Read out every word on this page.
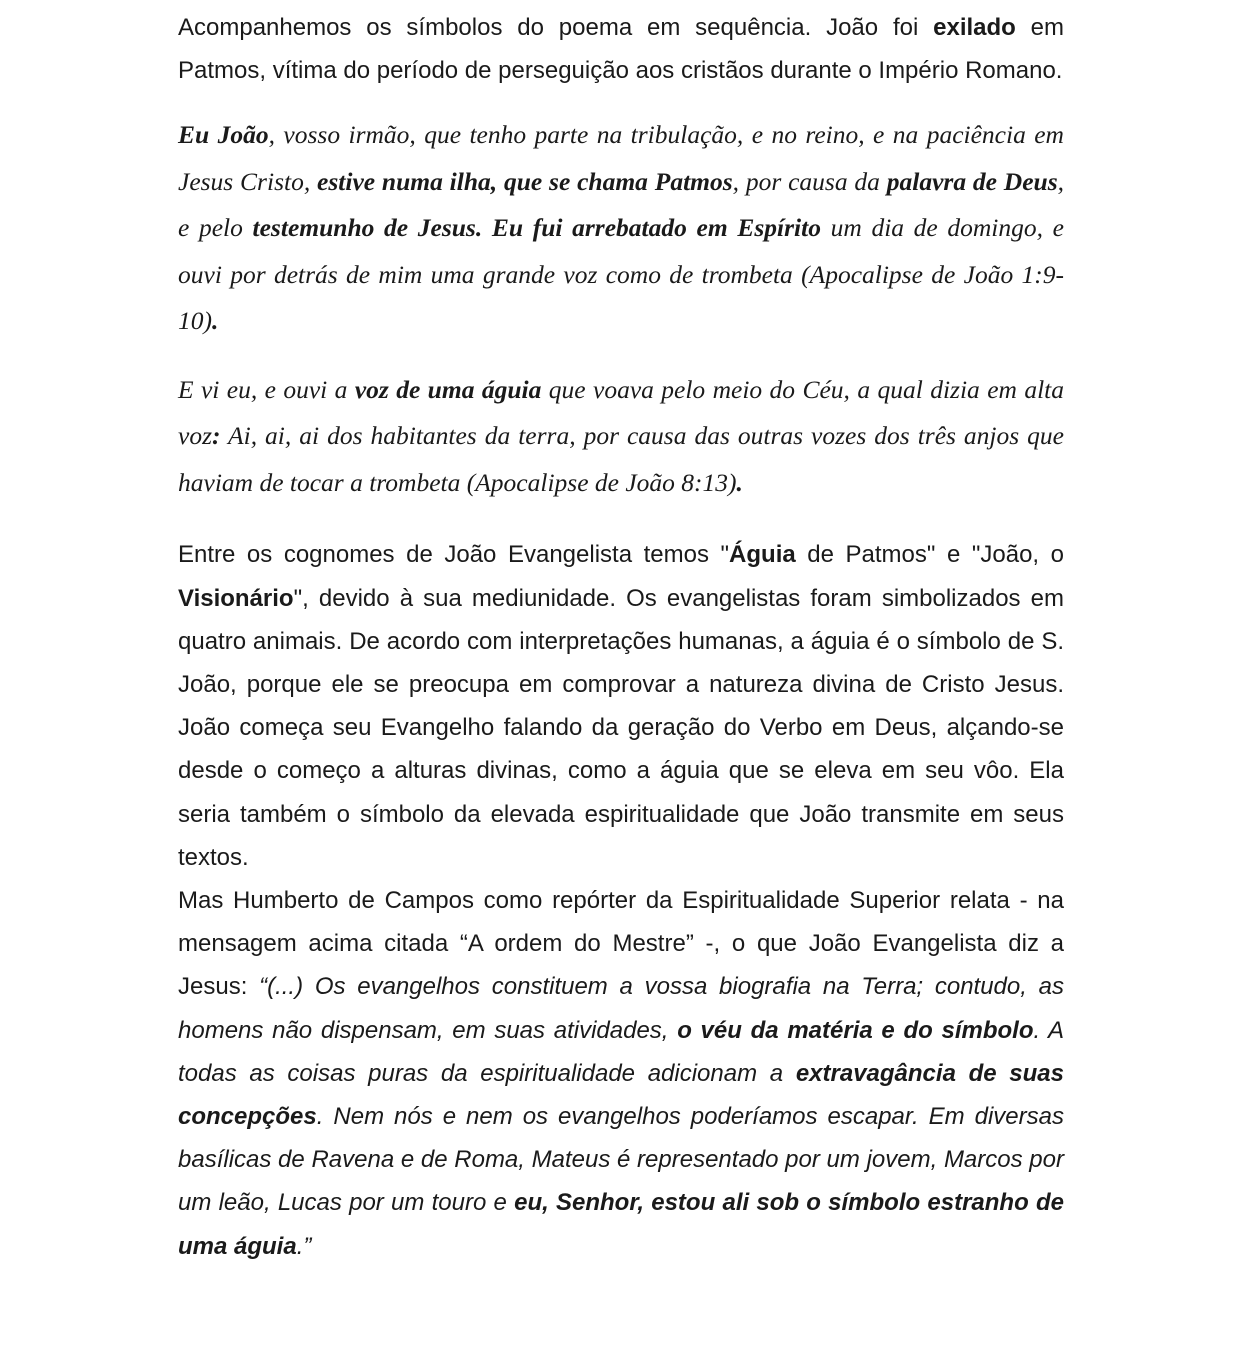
Acompanhemos os símbolos do poema em sequência. João foi exilado em Patmos, vítima do período de perseguição aos cristãos durante o Império Romano.

Eu João, vosso irmão, que tenho parte na tribulação, e no reino, e na paciência em Jesus Cristo, estive numa ilha, que se chama Patmos, por causa da palavra de Deus, e pelo testemunho de Jesus. Eu fui arrebatado em Espírito um dia de domingo, e ouvi por detrás de mim uma grande voz como de trombeta (Apocalipse de João 1:9-10).

E vi eu, e ouvi a voz de uma águia que voava pelo meio do Céu, a qual dizia em alta voz: Ai, ai, ai dos habitantes da terra, por causa das outras vozes dos três anjos que haviam de tocar a trombeta (Apocalipse de João 8:13).

Entre os cognomes de João Evangelista temos "Águia de Patmos" e "João, o Visionário", devido à sua mediunidade. Os evangelistas foram simbolizados em quatro animais. De acordo com interpretações humanas, a águia é o símbolo de S. João, porque ele se preocupa em comprovar a natureza divina de Cristo Jesus. João começa seu Evangelho falando da geração do Verbo em Deus, alçando-se desde o começo a alturas divinas, como a águia que se eleva em seu vôo. Ela seria também o símbolo da elevada espiritualidade que João transmite em seus textos.

Mas Humberto de Campos como repórter da Espiritualidade Superior relata - na mensagem acima citada “A ordem do Mestre” -, o que João Evangelista diz a Jesus: “(...) Os evangelhos constituem a vossa biografia na Terra; contudo, as homens não dispensam, em suas atividades, o véu da matéria e do símbolo. A todas as coisas puras da espiritualidade adicionam a extravagância de suas concepções. Nem nós e nem os evangelhos poderíamos escapar. Em diversas basílicas de Ravena e de Roma, Mateus é representado por um jovem, Marcos por um leão, Lucas por um touro e eu, Senhor, estou ali sob o símbolo estranho de uma águia.”
